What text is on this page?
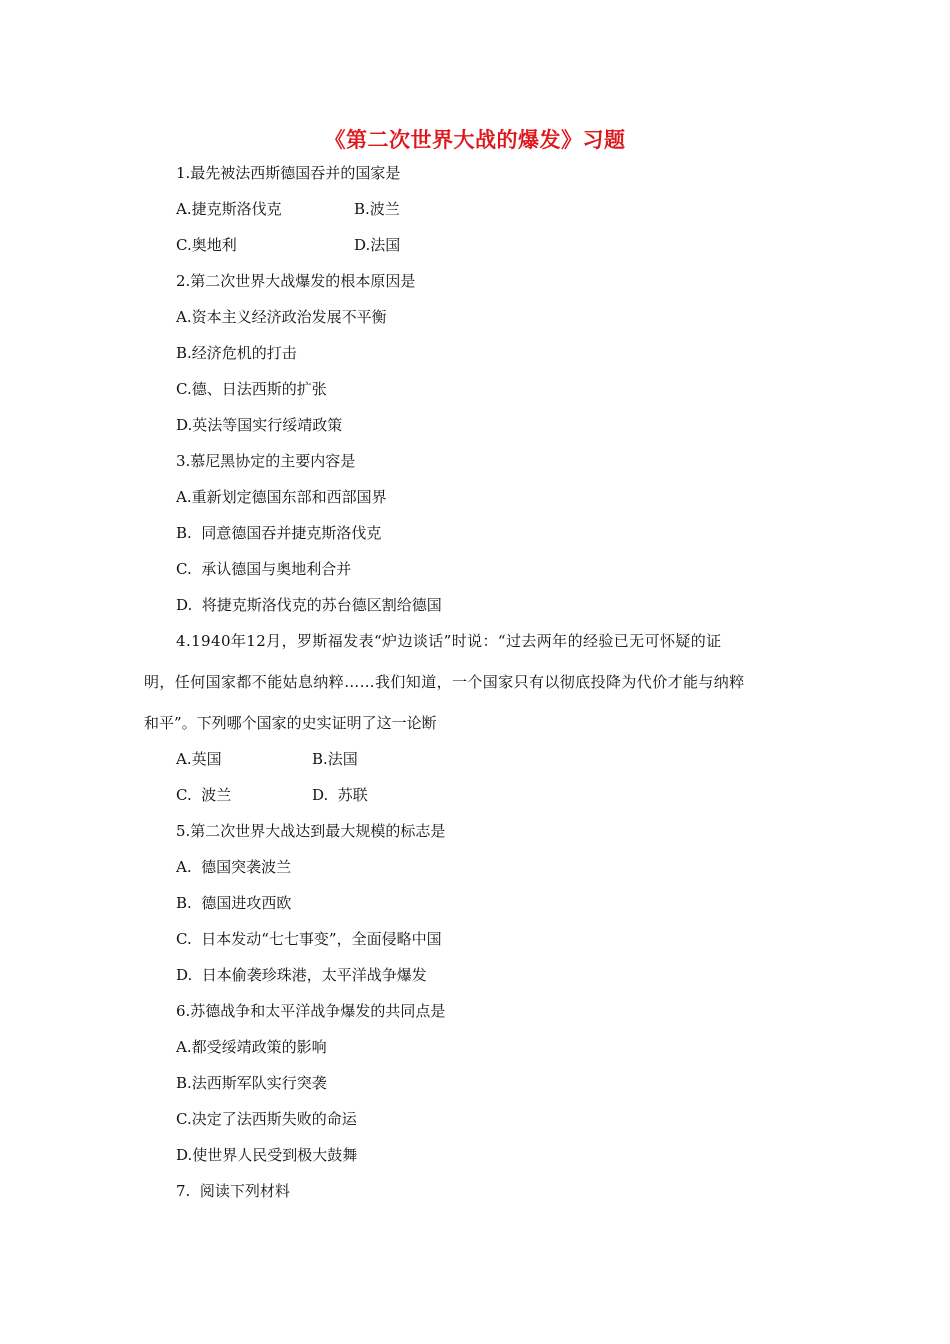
《第二次世界大战的爆发》习题
1.最先被法西斯德国吞并的国家是
A.捷克斯洛伐克	B.波兰
C.奥地利	D.法国
2.第二次世界大战爆发的根本原因是
A.资本主义经济政治发展不平衡
B.经济危机的打击
C.德、日法西斯的扩张
D.英法等国实行绥靖政策
3.慕尼黑协定的主要内容是
A.重新划定德国东部和西部国界
B.  同意德国吞并捷克斯洛伐克
C.  承认德国与奥地利合并
D.  将捷克斯洛伐克的苏台德区割给德国
4.1940年12月，罗斯福发表“炉边谈话”时说：“过去两年的经验已无可怀疑的证
明，任何国家都不能姑息纳粹……我们知道，一个国家只有以彻底投降为代价才能与纳粹
和平”。下列哪个国家的史实证明了这一论断
A.英国	B.法国
C.  波兰	D.  苏联
5.第二次世界大战达到最大规模的标志是
A.  德国突袭波兰
B.  德国进攻西欧
C.  日本发动“七七事变”，全面侵略中国
D.  日本偷袭珍珠港，太平洋战争爆发
6.苏德战争和太平洋战争爆发的共同点是
A.都受绥靖政策的影响
B.法西斯军队实行突袭
C.决定了法西斯失败的命运
D.使世界人民受到极大鼓舞
7.  阅读下列材料
